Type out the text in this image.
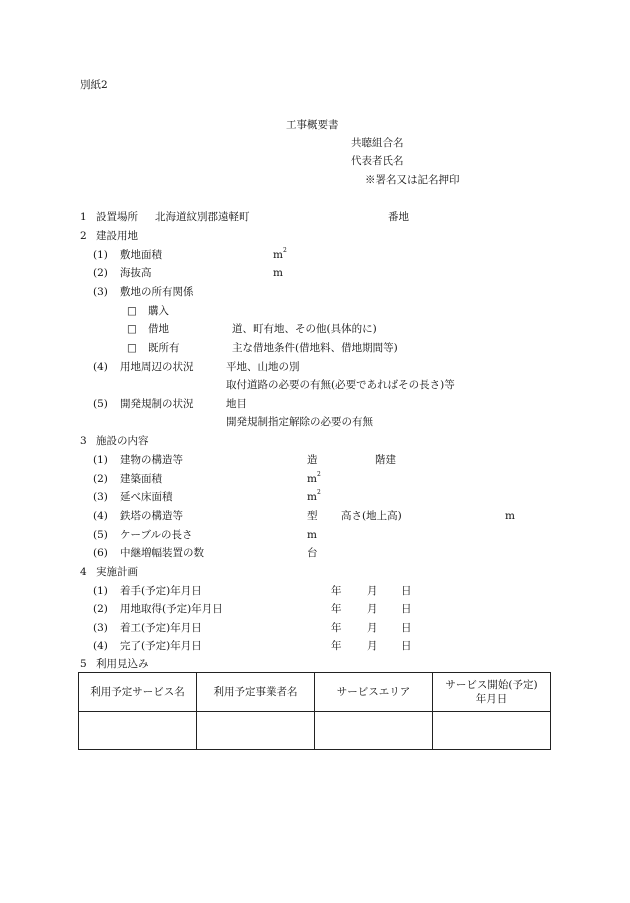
別紙2
工事概要書
共聴組合名
代表者氏名
※署名又は記名押印
1 設置場所 北海道紋別郡遠軽町	番地
2 建設用地
(1) 敷地面積	$m^2$
(2) 海抜高	m
(3) 敷地の所有関係
□ 購入
□ 借地	道、町有地、その他(具体的に)
□ 既所有	主な借地条件(借地料、借地期間等)
(4) 用地周辺の状況	平地、山地の別
取付道路の必要の有無(必要であればその長さ)等
(5) 開発規制の状況	地目
開発規制指定解除の必要の有無
3 施設の内容
(1) 建物の構造等	造	階建
(2) 建築面積	$m^2$
(3) 延べ床面積	$m^2$
(4) 鉄塔の構造等	型 高さ(地上高)	m
(5) ケーブルの長さ	m
(6) 中継増幅装置の数	台
4 実施計画
(1) 着手(予定)年月日	年 月 日
(2) 用地取得(予定)年月日	年 月 日
(3) 着工(予定)年月日	年 月 日
(4) 完了(予定)年月日	年 月 日
5 利用見込み
利用予定サービス名	利用予定事業者名	サービスエリア	サービス開始(予定)
年月日
